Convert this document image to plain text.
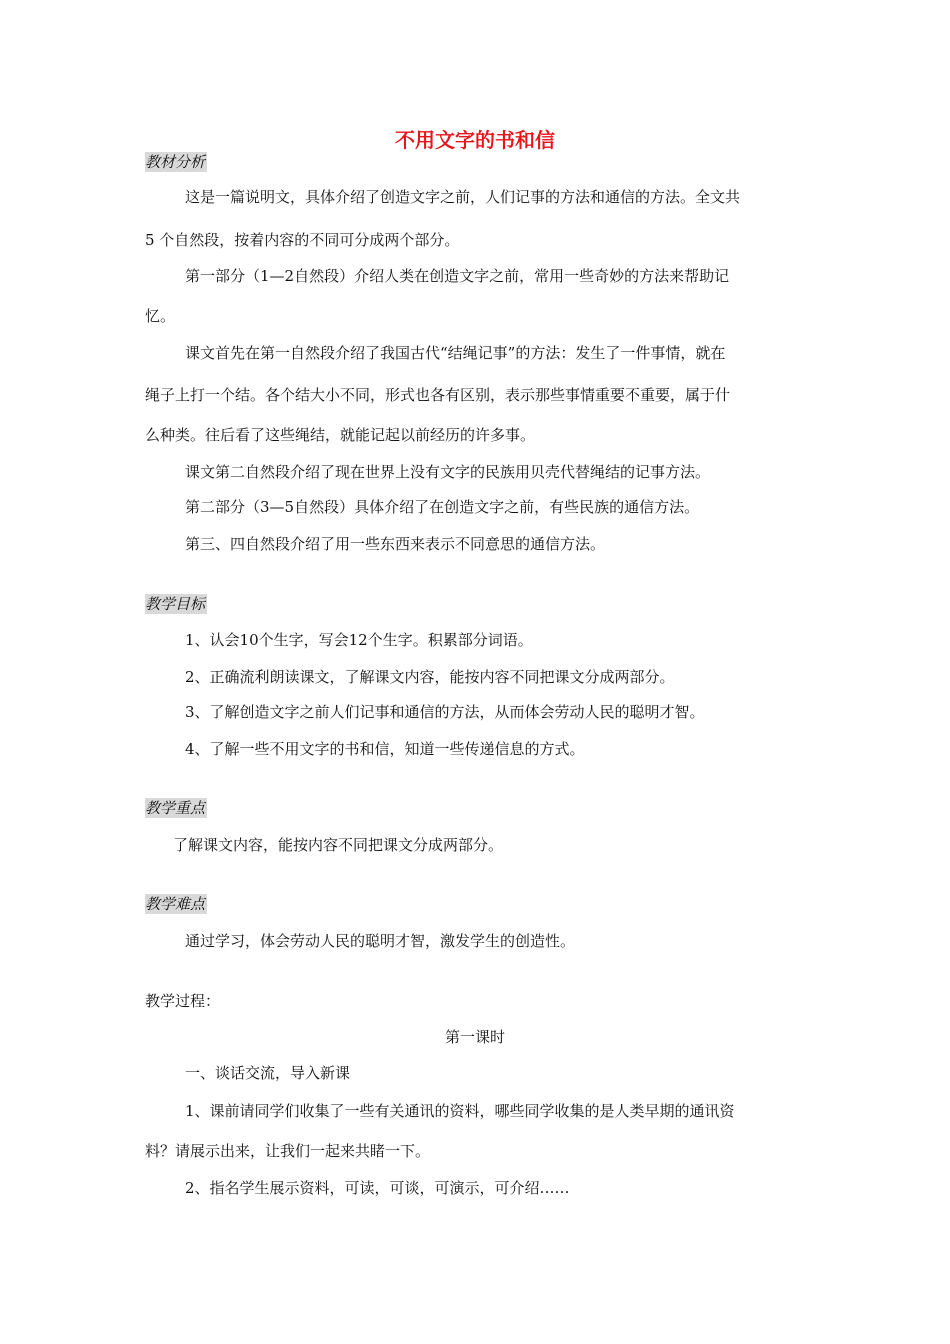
不用文字的书和信

教材分析

这是一篇说明文，具体介绍了创造文字之前，人们记事的方法和通信的方法。全文共

5 个自然段，按着内容的不同可分成两个部分。

第一部分（1—2自然段）介绍人类在创造文字之前，常用一些奇妙的方法来帮助记

忆。

课文首先在第一自然段介绍了我国古代“结绳记事”的方法：发生了一件事情，就在

绳子上打一个结。各个结大小不同，形式也各有区别，表示那些事情重要不重要，属于什

么种类。往后看了这些绳结，就能记起以前经历的许多事。

课文第二自然段介绍了现在世界上没有文字的民族用贝壳代替绳结的记事方法。

第二部分（3—5自然段）具体介绍了在创造文字之前，有些民族的通信方法。

第三、四自然段介绍了用一些东西来表示不同意思的通信方法。

教学目标

1、认会10个生字，写会12个生字。积累部分词语。

2、正确流利朗读课文，了解课文内容，能按内容不同把课文分成两部分。

3、了解创造文字之前人们记事和通信的方法，从而体会劳动人民的聪明才智。

4、了解一些不用文字的书和信，知道一些传递信息的方式。

教学重点

了解课文内容，能按内容不同把课文分成两部分。

教学难点

通过学习，体会劳动人民的聪明才智，激发学生的创造性。

教学过程：

第一课时

一、谈话交流，导入新课

1、课前请同学们收集了一些有关通讯的资料，哪些同学收集的是人类早期的通讯资

料？请展示出来，让我们一起来共睹一下。

2、指名学生展示资料，可读，可谈，可演示，可介绍……
